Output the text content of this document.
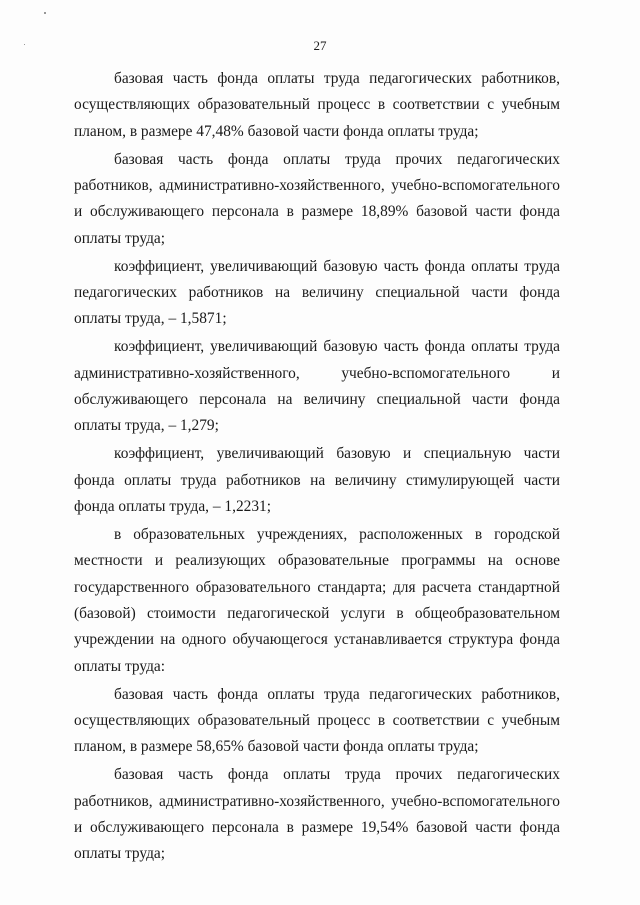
27

базовая часть фонда оплаты труда педагогических работников, осуществляющих образовательный процесс в соответствии с учебным планом, в размере 47,48% базовой части фонда оплаты труда;

базовая часть фонда оплаты труда прочих педагогических работников, административно-хозяйственного, учебно-вспомогательного и обслуживающего персонала в размере 18,89% базовой части фонда оплаты труда;

коэффициент, увеличивающий базовую часть фонда оплаты труда педагогических работников на величину специальной части фонда оплаты труда, – 1,5871;

коэффициент, увеличивающий базовую часть фонда оплаты труда административно-хозяйственного, учебно-вспомогательного и обслуживающего персонала на величину специальной части фонда оплаты труда, – 1,279;

коэффициент, увеличивающий базовую и специальную части фонда оплаты труда работников на величину стимулирующей части фонда оплаты труда, – 1,2231;

в образовательных учреждениях, расположенных в городской местности и реализующих образовательные программы на основе государственного образовательного стандарта; для расчета стандартной (базовой) стоимости педагогической услуги в общеобразовательном учреждении на одного обучающегося устанавливается структура фонда оплаты труда:

базовая часть фонда оплаты труда педагогических работников, осуществляющих образовательный процесс в соответствии с учебным планом, в размере 58,65% базовой части фонда оплаты труда;

базовая часть фонда оплаты труда прочих педагогических работников, административно-хозяйственного, учебно-вспомогательного и обслуживающего персонала в размере 19,54% базовой части фонда оплаты труда;
